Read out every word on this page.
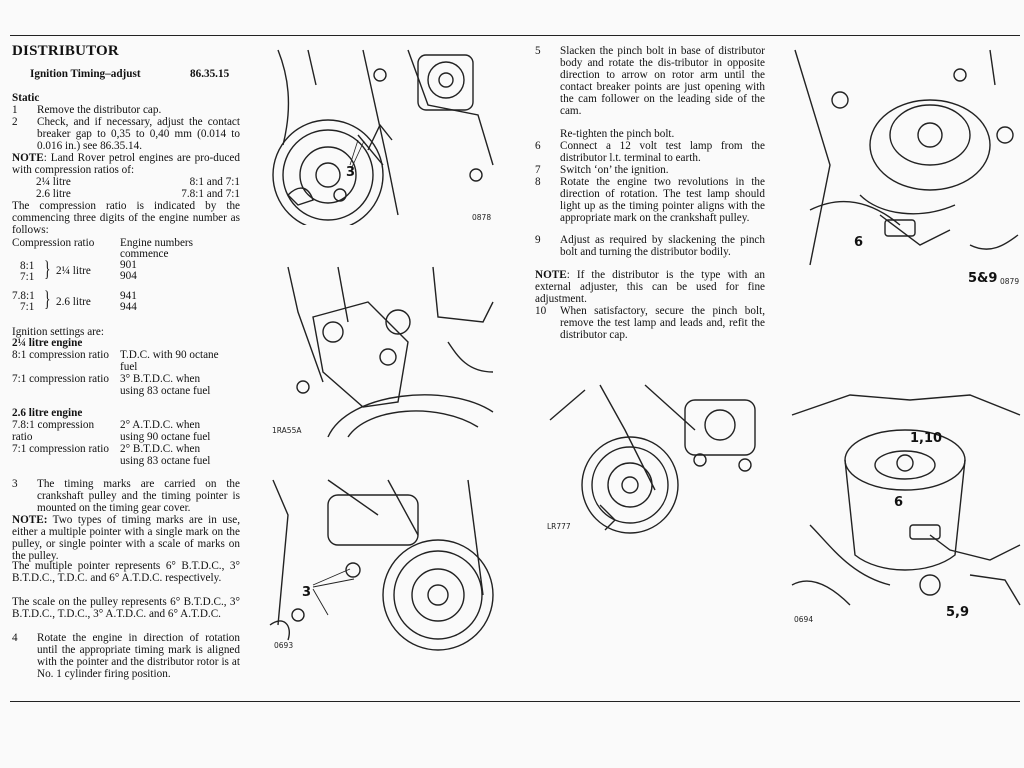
DISTRIBUTOR
Ignition Timing–adjust	86.35.15
Static
1 Remove the distributor cap.
2 Check, and if necessary, adjust the contact breaker gap to 0,35 to 0,40 mm (0.014 to 0.016 in.) see 86.35.14.
NOTE: Land Rover petrol engines are pro-duced with compression ratios of:
2¼ litre	8:1 and 7:1
2.6 litre	7.8:1 and 7:1
The compression ratio is indicated by the commencing three digits of the engine number as follows:
Compression ratio Engine numbers
commence
8:1
7:1 } 2¼ litre	901
904
7.8:1
7:1 } 2.6 litre	941
944
Ignition settings are:
2¼ litre engine
8:1 compression ratio T.D.C. with 90 octane
fuel
7:1 compression ratio 3° B.T.D.C. when
using 83 octane fuel
2.6 litre engine
7.8:1 compression
ratio
2° A.T.D.C. when
using 90 octane fuel
7:1 compression ratio 2° B.T.D.C. when
using 83 octane fuel
3 The timing marks are carried on the crankshaft pulley and the timing pointer is mounted on the timing gear cover.
NOTE: Two types of timing marks are in use, either a multiple pointer with a single mark on the pulley, or single pointer with a scale of marks on the pulley.
The multiple pointer represents 6° B.T.D.C., 3° B.T.D.C., T.D.C. and 6° A.T.D.C. respectively.
The scale on the pulley represents 6° B.T.D.C., 3° B.T.D.C., T.D.C., 3° A.T.D.C. and 6° A.T.D.C.
4 Rotate the engine in direction of rotation until the appropriate timing mark is aligned with the pointer and the distributor rotor is at No. 1 cylinder firing position.
5 Slacken the pinch bolt in base of distributor body and rotate the dis-tributor in opposite direction to arrow on rotor arm until the contact breaker points are just opening with the cam follower on the leading side of the cam.
Re-tighten the pinch bolt.
6 Connect a 12 volt test lamp from the distributor l.t. terminal to earth.
7 Switch ‘on’ the ignition.
8 Rotate the engine two revolutions in the direction of rotation. The test lamp should light up as the timing pointer aligns with the appropriate mark on the crankshaft pulley.
9 Adjust as required by slackening the pinch bolt and turning the distributor bodily.
NOTE: If the distributor is the type with an external adjuster, this can be used for fine adjustment.
10 When satisfactory, secure the pinch bolt, remove the test lamp and leads and, refit the distributor cap.
3
0878
1RA55A
3
0693
6
5&9 0879
LR777
1,10
6
5,9
0694
